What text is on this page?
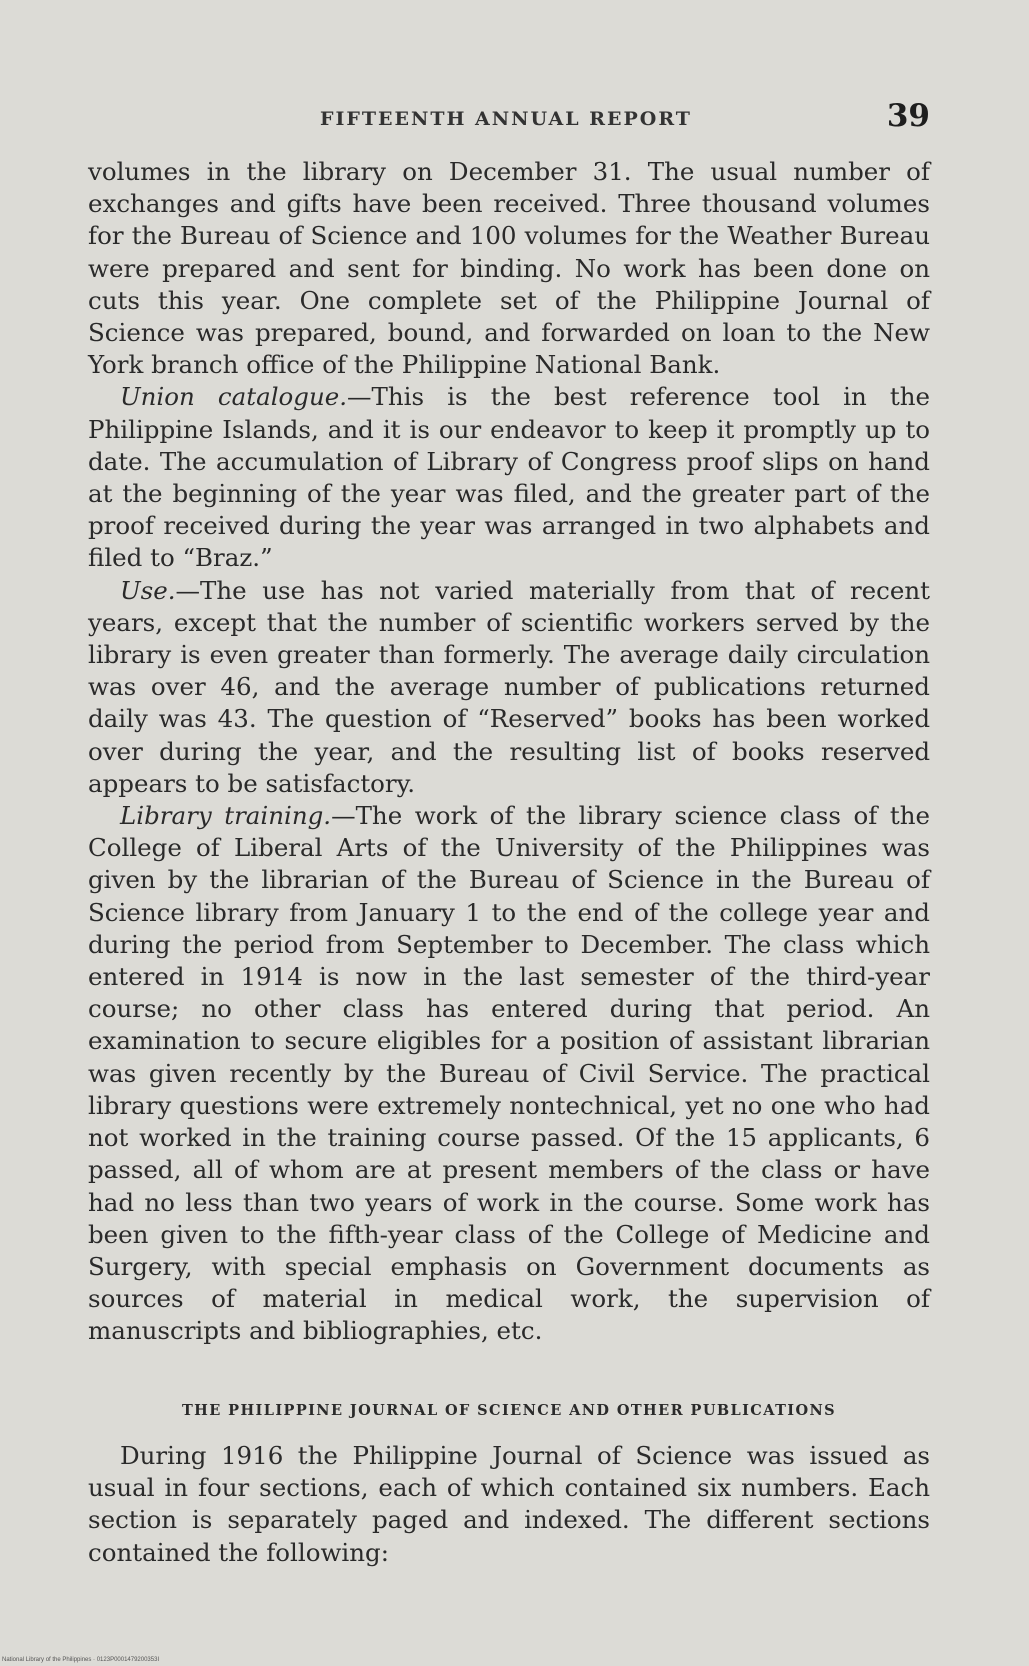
FIFTEENTH ANNUAL REPORT	39

volumes in the library on December 31. The usual number of exchanges and gifts have been received. Three thousand volumes for the Bureau of Science and 100 volumes for the Weather Bureau were prepared and sent for binding. No work has been done on cuts this year. One complete set of the Philippine Journal of Science was prepared, bound, and forwarded on loan to the New York branch office of the Philippine National Bank.

Union catalogue.—This is the best reference tool in the Philippine Islands, and it is our endeavor to keep it promptly up to date. The accumulation of Library of Congress proof slips on hand at the beginning of the year was filed, and the greater part of the proof received during the year was arranged in two alphabets and filed to “Braz.”

Use.—The use has not varied materially from that of recent years, except that the number of scientific workers served by the library is even greater than formerly. The average daily circulation was over 46, and the average number of publications returned daily was 43. The question of “Reserved” books has been worked over during the year, and the resulting list of books reserved appears to be satisfactory.

Library training.—The work of the library science class of the College of Liberal Arts of the University of the Philippines was given by the librarian of the Bureau of Science in the Bureau of Science library from January 1 to the end of the college year and during the period from September to December. The class which entered in 1914 is now in the last semester of the third-year course; no other class has entered during that period. An examination to secure eligibles for a position of assistant librarian was given recently by the Bureau of Civil Service. The practical library questions were extremely nontechnical, yet no one who had not worked in the training course passed. Of the 15 applicants, 6 passed, all of whom are at present members of the class or have had no less than two years of work in the course. Some work has been given to the fifth-year class of the College of Medicine and Surgery, with special emphasis on Government documents as sources of material in medical work, the supervision of manuscripts and bibliographies, etc.

THE PHILIPPINE JOURNAL OF SCIENCE AND OTHER PUBLICATIONS

During 1916 the Philippine Journal of Science was issued as usual in four sections, each of which contained six numbers. Each section is separately paged and indexed. The different sections contained the following:

National Library of the Philippines · 0123P0001479200353I
